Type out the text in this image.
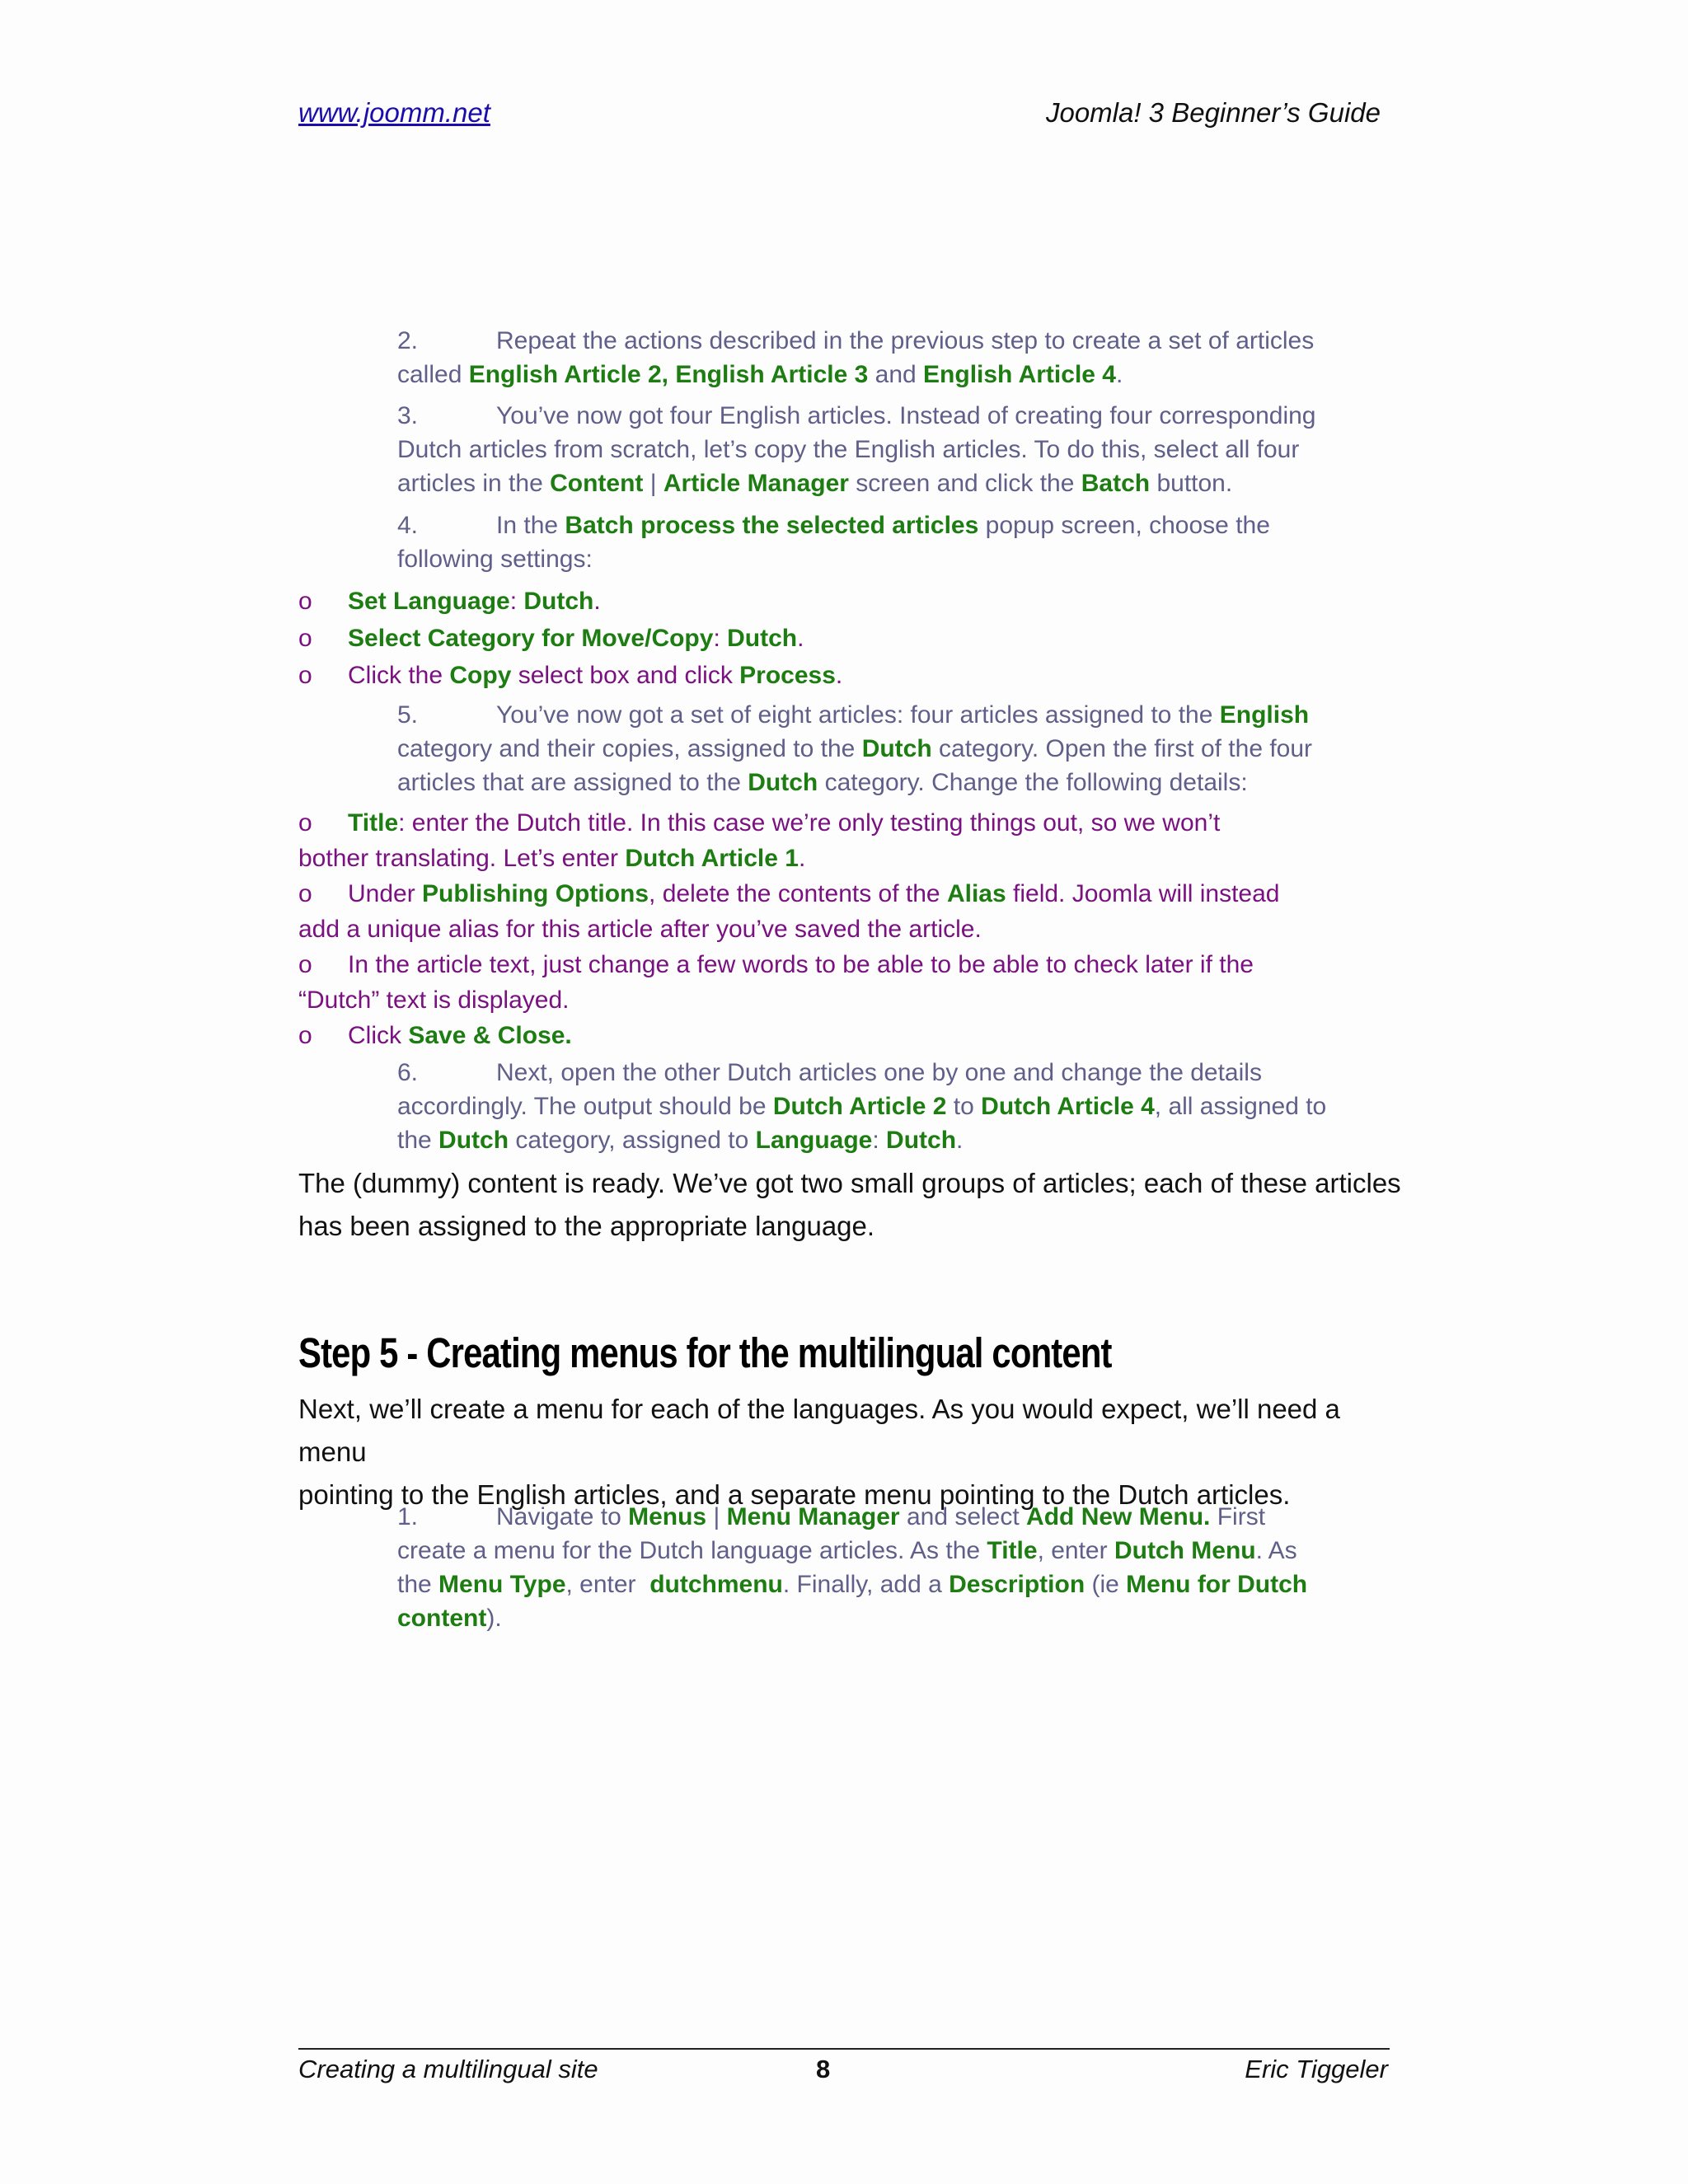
www.joomm.net	Joomla! 3 Beginner’s Guide
2.	Repeat the actions described in the previous step to create a set of articles
called English Article 2, English Article 3 and English Article 4.
3.	You’ve now got four English articles. Instead of creating four corresponding
Dutch articles from scratch, let’s copy the English articles. To do this, select all four
articles in the Content | Article Manager screen and click the Batch button.
4.	In the Batch process the selected articles popup screen, choose the
following settings:
o Set Language: Dutch.
o Select Category for Move/Copy: Dutch.
o Click the Copy select box and click Process.
5.	You’ve now got a set of eight articles: four articles assigned to the English
category and their copies, assigned to the Dutch category. Open the first of the four
articles that are assigned to the Dutch category. Change the following details:
o Title: enter the Dutch title. In this case we’re only testing things out, so we won’t
bother translating. Let’s enter Dutch Article 1.
o Under Publishing Options, delete the contents of the Alias field. Joomla will instead
add a unique alias for this article after you’ve saved the article.
o In the article text, just change a few words to be able to be able to check later if the
“Dutch” text is displayed.
o Click Save & Close.
6.	Next, open the other Dutch articles one by one and change the details
accordingly. The output should be Dutch Article 2 to Dutch Article 4, all assigned to
the Dutch category, assigned to Language: Dutch.
The (dummy) content is ready. We’ve got two small groups of articles; each of these articles
has been assigned to the appropriate language.
Step 5 - Creating menus for the multilingual content
Next, we’ll create a menu for each of the languages. As you would expect, we’ll need a menu
pointing to the English articles, and a separate menu pointing to the Dutch articles.
1.	Navigate to Menus | Menu Manager and select Add New Menu. First
create a menu for the Dutch language articles. As the Title, enter Dutch Menu. As
the Menu Type, enter  dutchmenu. Finally, add a Description (ie Menu for Dutch
content).
Creating a multilingual site	8	Eric Tiggeler
